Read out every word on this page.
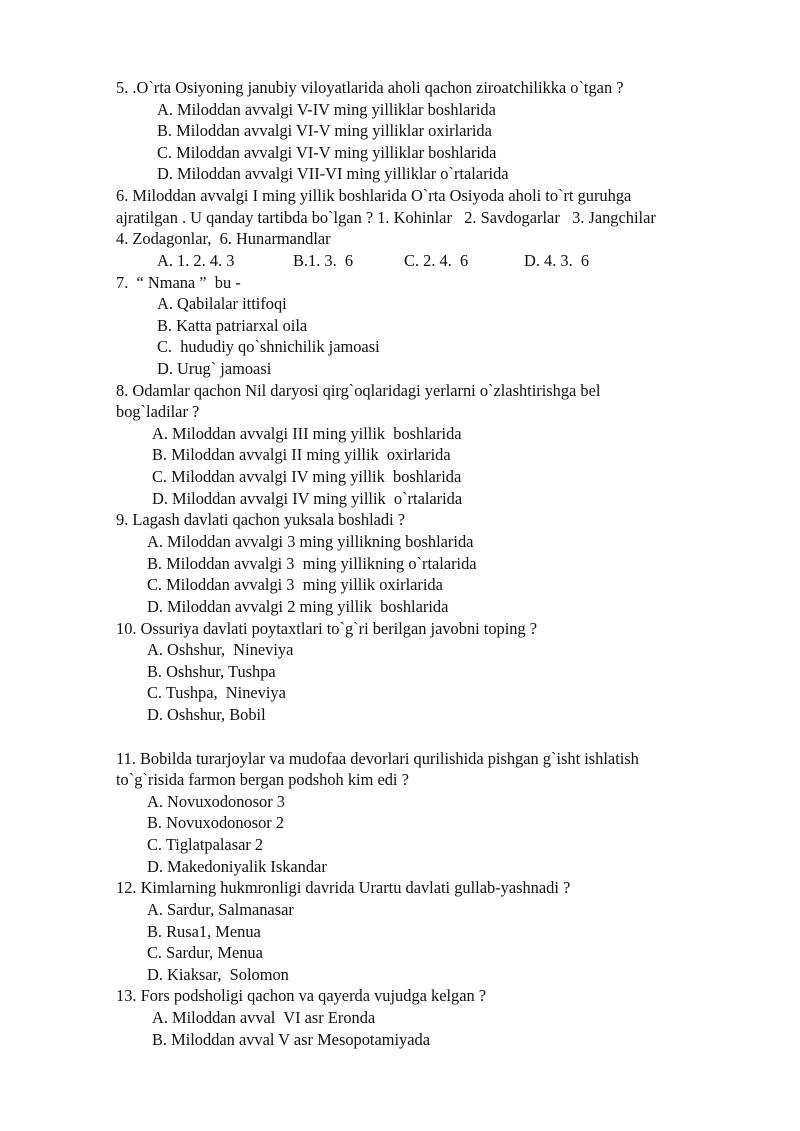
5. .O`rta Osiyoning janubiy viloyatlarida aholi qachon ziroatchilikka o`tgan ?
A. Miloddan avvalgi V-IV ming yilliklar boshlarida
B. Miloddan avvalgi VI-V ming yilliklar oxirlarida
C. Miloddan avvalgi VI-V ming yilliklar boshlarida
D. Miloddan avvalgi VII-VI ming yilliklar o`rtalarida
6. Miloddan avvalgi I ming yillik boshlarida O`rta Osiyoda aholi to`rt guruhga
ajratilgan . U qanday tartibda bo`lgan ? 1. Kohinlar   2. Savdogarlar   3. Jangchilar
4. Zodagonlar,  6. Hunarmandlar
A. 1. 2. 4. 3	B.1. 3.  6	C. 2. 4.  6	D. 4. 3.  6
7.  “ Nmana ”  bu -
A. Qabilalar ittifoqi
B. Katta patriarxal oila
C.  hududiy qo`shnichilik jamoasi
D. Urug` jamoasi
8. Odamlar qachon Nil daryosi qirg`oqlaridagi yerlarni o`zlashtirishga bel
bog`ladilar ?
A. Miloddan avvalgi III ming yillik  boshlarida
B. Miloddan avvalgi II ming yillik  oxirlarida
C. Miloddan avvalgi IV ming yillik  boshlarida
D. Miloddan avvalgi IV ming yillik  o`rtalarida
9. Lagash davlati qachon yuksala boshladi ?
A. Miloddan avvalgi 3 ming yillikning boshlarida
B. Miloddan avvalgi 3  ming yillikning o`rtalarida
C. Miloddan avvalgi 3  ming yillik oxirlarida
D. Miloddan avvalgi 2 ming yillik  boshlarida
10. Ossuriya davlati poytaxtlari to`g`ri berilgan javobni toping ?
A. Oshshur,  Nineviya
B. Oshshur, Tushpa
C. Tushpa,  Nineviya
D. Oshshur, Bobil
11. Bobilda turarjoylar va mudofaa devorlari qurilishida pishgan g`isht ishlatish
to`g`risida farmon bergan podshoh kim edi ?
A. Novuxodonosor 3
B. Novuxodonosor 2
C. Tiglatpalasar 2
D. Makedoniyalik Iskandar
12. Kimlarning hukmronligi davrida Urartu davlati gullab-yashnadi ?
A. Sardur, Salmanasar
B. Rusa1, Menua
C. Sardur, Menua
D. Kiaksar,  Solomon
13. Fors podsholigi qachon va qayerda vujudga kelgan ?
A. Miloddan avval  VI asr Eronda
B. Miloddan avval V asr Mesopotamiyada
